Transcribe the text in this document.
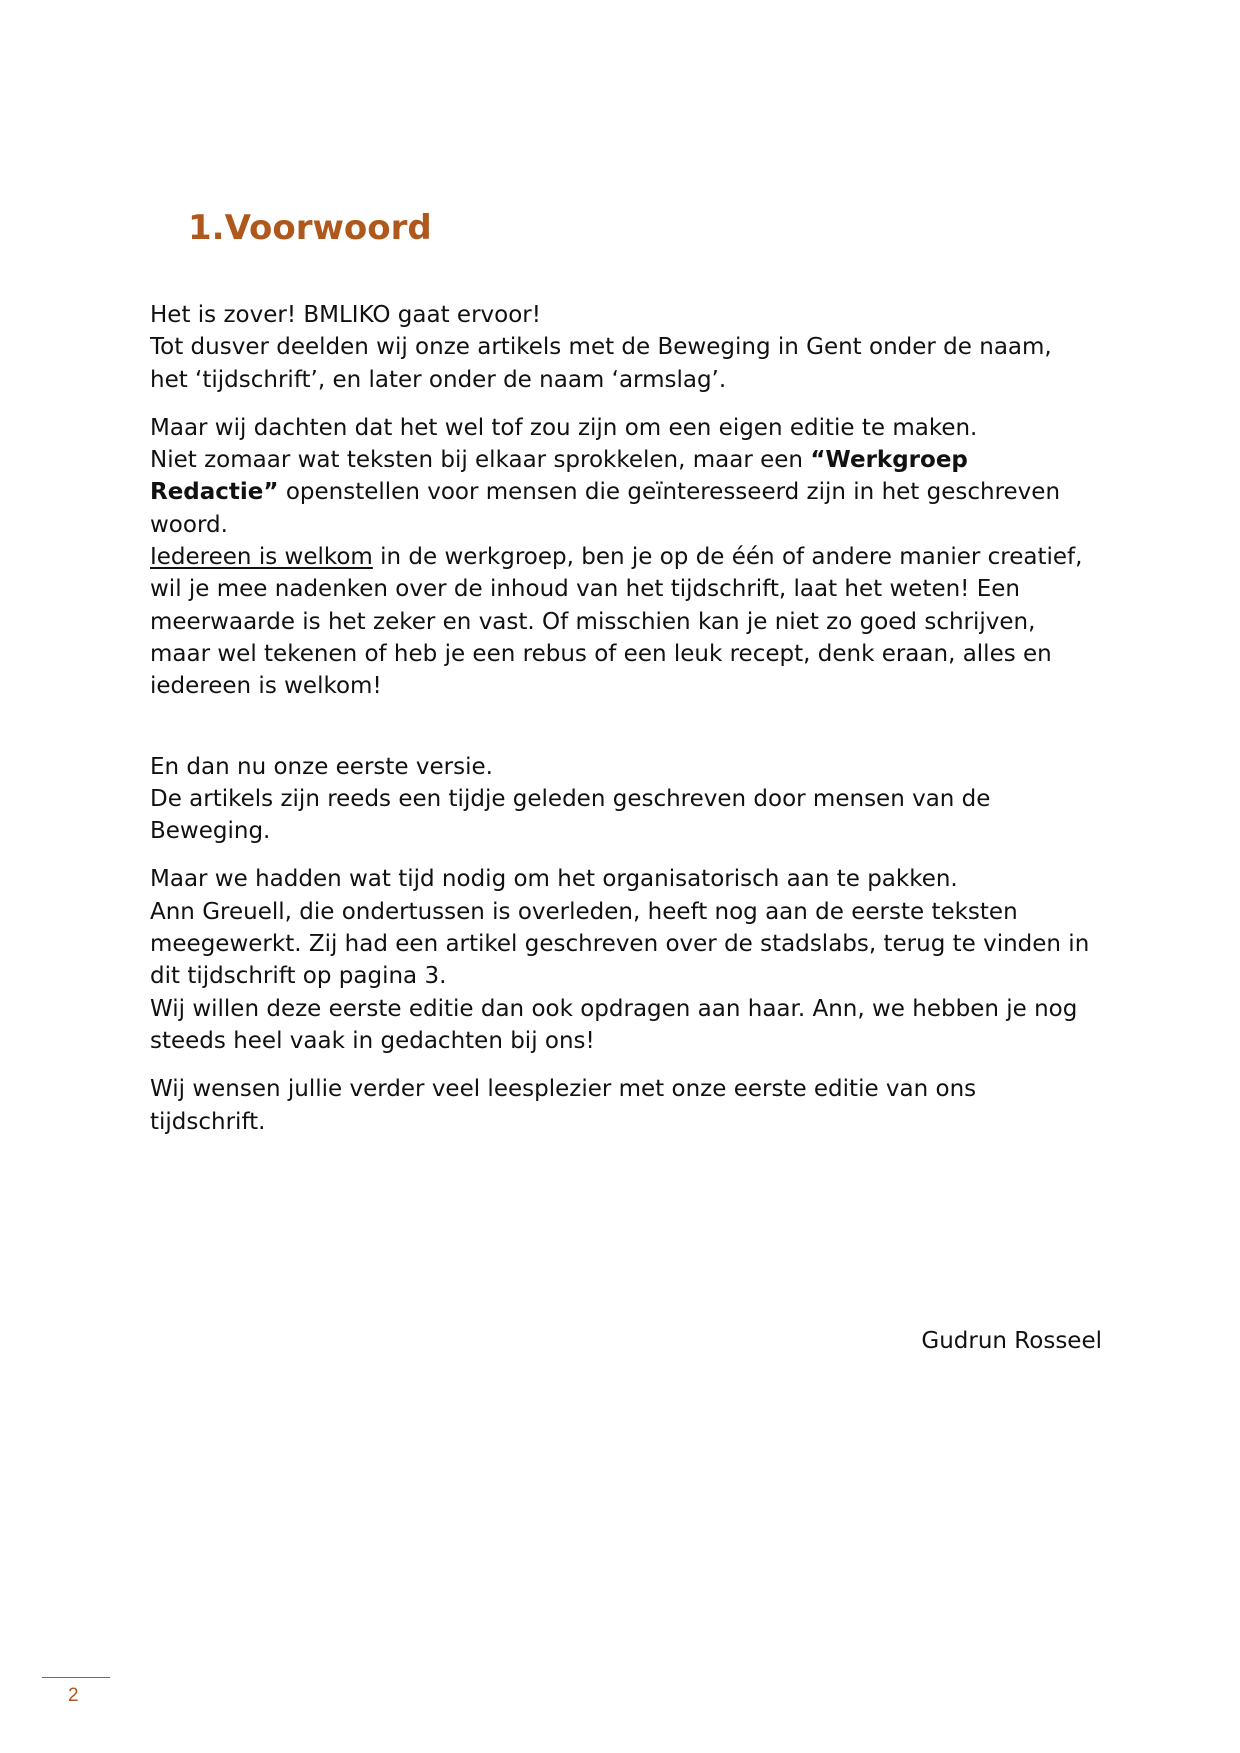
1.Voorwoord

Het is zover! BMLIKO gaat ervoor!
Tot dusver deelden wij onze artikels met de Beweging in Gent onder de naam,
het ‘tijdschrift’, en later onder de naam ‘armslag’.

Maar wij dachten dat het wel tof zou zijn om een eigen editie te maken.
Niet zomaar wat teksten bij elkaar sprokkelen, maar een “Werkgroep
Redactie” openstellen voor mensen die geïnteresseerd zijn in het geschreven
woord.
Iedereen is welkom in de werkgroep, ben je op de één of andere manier creatief,
wil je mee nadenken over de inhoud van het tijdschrift, laat het weten! Een
meerwaarde is het zeker en vast. Of misschien kan je niet zo goed schrijven,
maar wel tekenen of heb je een rebus of een leuk recept, denk eraan, alles en
iedereen is welkom!

En dan nu onze eerste versie.
De artikels zijn reeds een tijdje geleden geschreven door mensen van de
Beweging.

Maar we hadden wat tijd nodig om het organisatorisch aan te pakken.
Ann Greuell, die ondertussen is overleden, heeft nog aan de eerste teksten
meegewerkt. Zij had een artikel geschreven over de stadslabs, terug te vinden in
dit tijdschrift op pagina 3.
Wij willen deze eerste editie dan ook opdragen aan haar. Ann, we hebben je nog
steeds heel vaak in gedachten bij ons!

Wij wensen jullie verder veel leesplezier met onze eerste editie van ons
tijdschrift.

Gudrun Rosseel
2
